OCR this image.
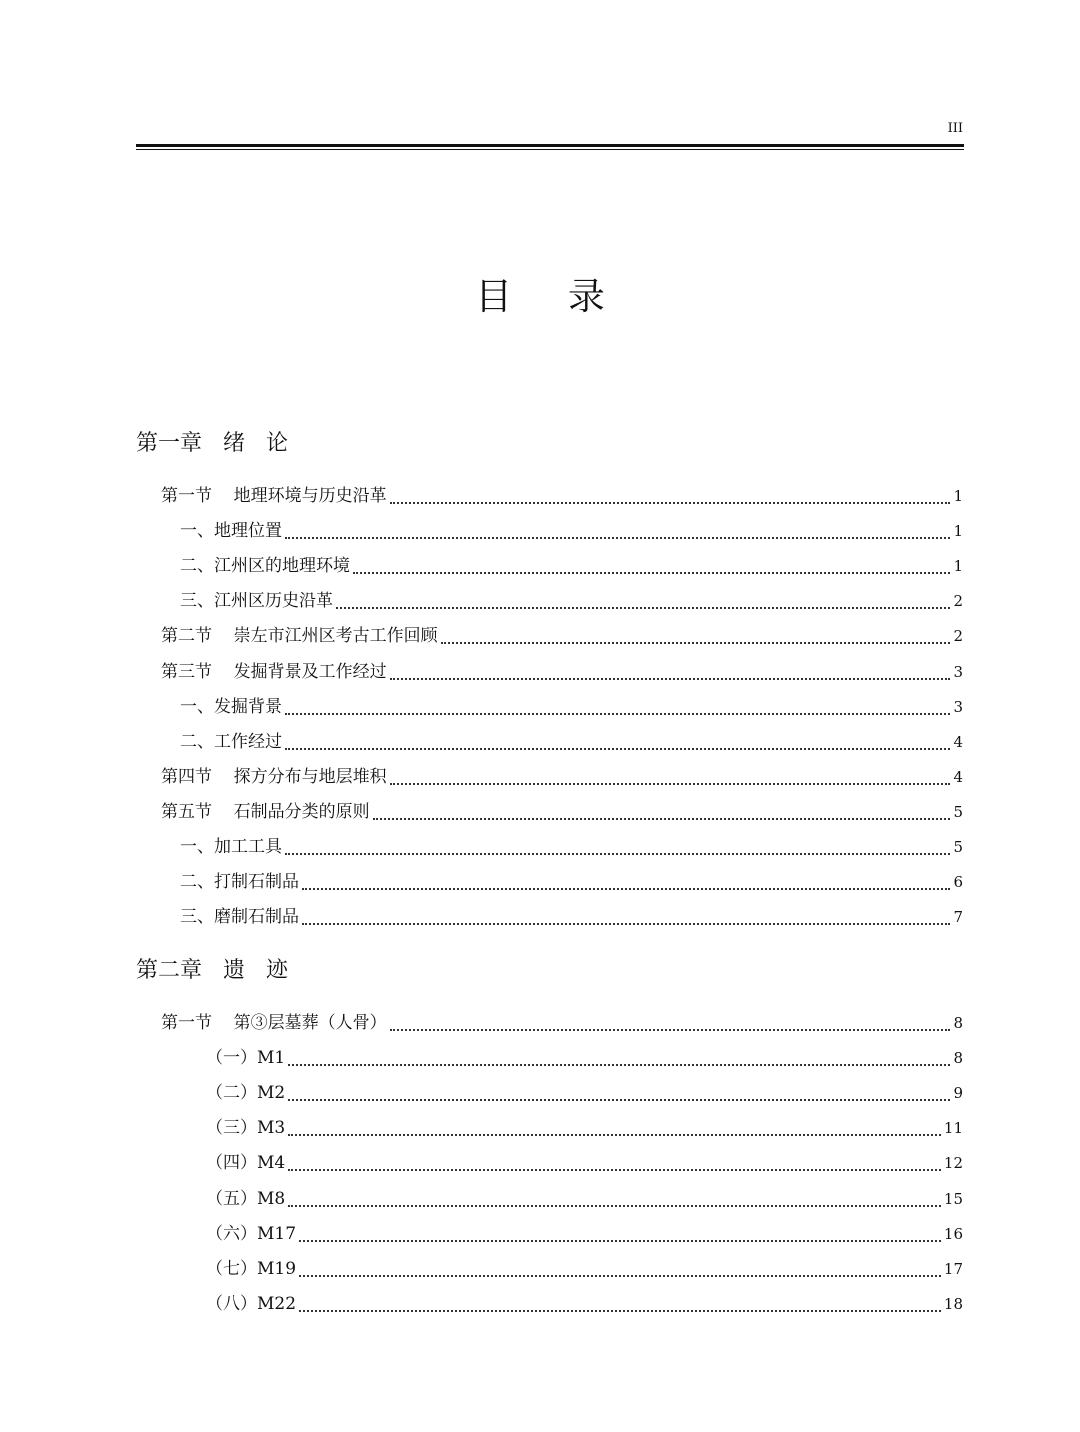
III
目 录
第一章   绪   论
第一节    地理环境与历史沿革	1
一、地理位置	1
二、江州区的地理环境	1
三、江州区历史沿革	2
第二节    崇左市江州区考古工作回顾	2
第三节    发掘背景及工作经过	3
一、发掘背景	3
二、工作经过	4
第四节    探方分布与地层堆积	4
第五节    石制品分类的原则	5
一、加工工具	5
二、打制石制品	6
三、磨制石制品	7
第二章   遗   迹
第一节    第③层墓葬（人骨）	8
（一）M1	8
（二）M2	9
（三）M3	11
（四）M4	12
（五）M8	15
（六）M17	16
（七）M19	17
（八）M22	18
